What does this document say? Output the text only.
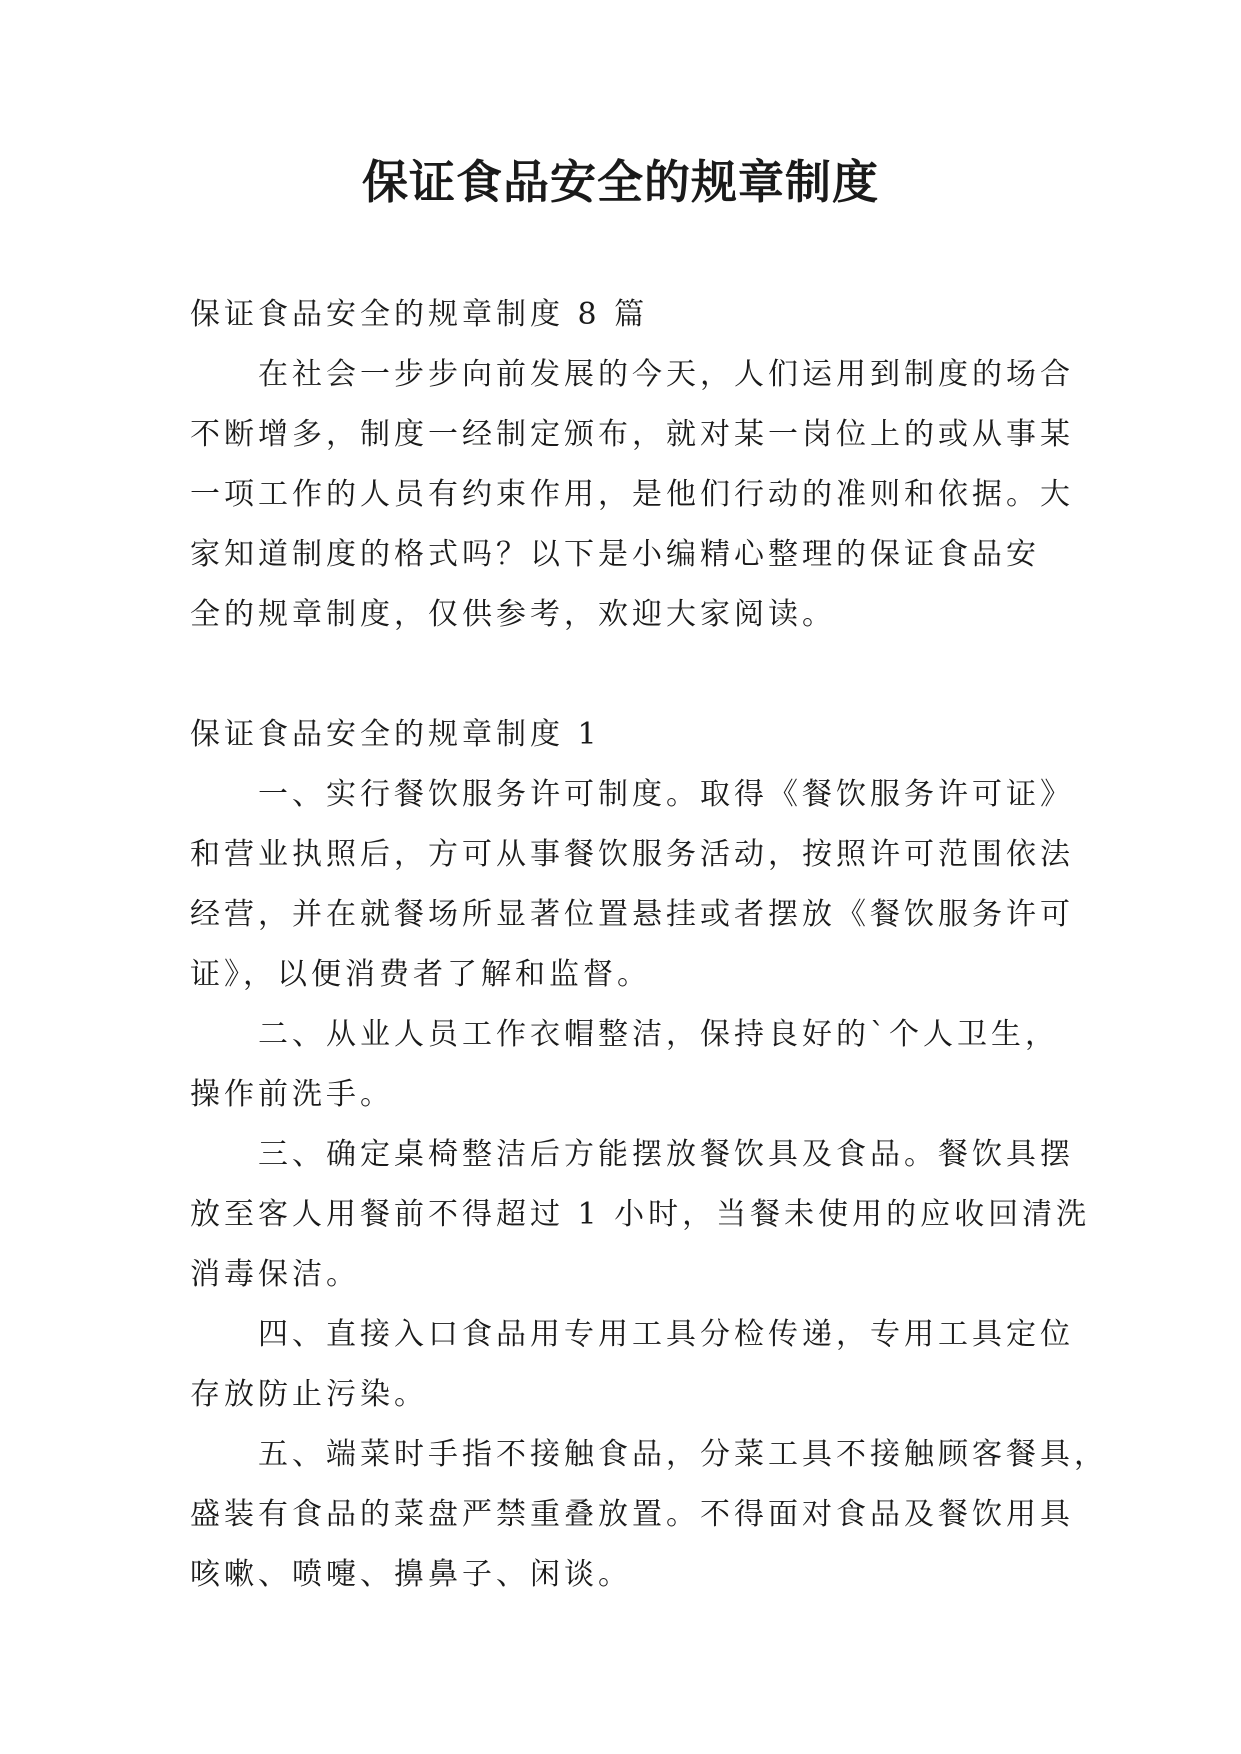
保证食品安全的规章制度
保证食品安全的规章制度 8 篇
在社会一步步向前发展的今天，人们运用到制度的场合
不断增多，制度一经制定颁布，就对某一岗位上的或从事某
一项工作的人员有约束作用，是他们行动的准则和依据。大
家知道制度的格式吗？以下是小编精心整理的保证食品安
全的规章制度，仅供参考，欢迎大家阅读。
保证食品安全的规章制度 1
一、实行餐饮服务许可制度。取得《餐饮服务许可证》
和营业执照后，方可从事餐饮服务活动，按照许可范围依法
经营，并在就餐场所显著位置悬挂或者摆放《餐饮服务许可
证》，以便消费者了解和监督。
二、从业人员工作衣帽整洁，保持良好的`个人卫生，
操作前洗手。
三、确定桌椅整洁后方能摆放餐饮具及食品。餐饮具摆
放至客人用餐前不得超过 1 小时，当餐未使用的应收回清洗
消毒保洁。
四、直接入口食品用专用工具分检传递，专用工具定位
存放防止污染。
五、端菜时手指不接触食品，分菜工具不接触顾客餐具，
盛装有食品的菜盘严禁重叠放置。不得面对食品及餐饮用具
咳嗽、喷嚏、擤鼻子、闲谈。
